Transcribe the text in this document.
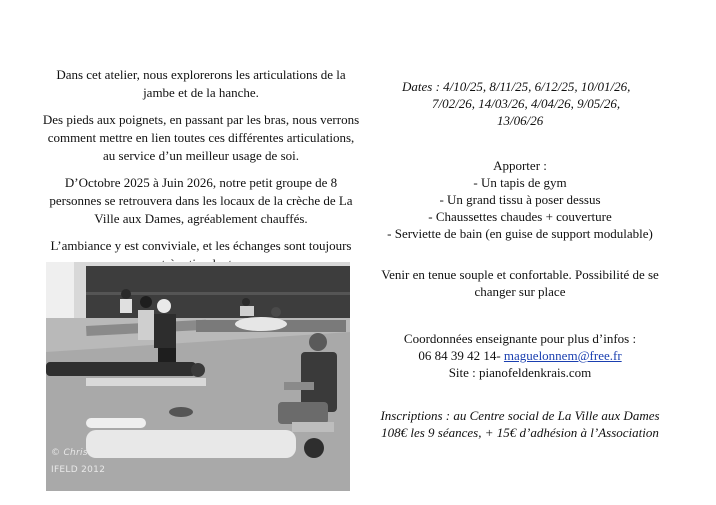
Dans cet atelier, nous explorerons les articulations de la jambe et de la hanche.

Des pieds aux poignets, en passant par les bras, nous verrons comment mettre en lien toutes ces différentes articulations, au service d’un meilleur usage de soi.

D’Octobre 2025 à Juin 2026, notre petit groupe de 8 personnes se retrouvera dans les locaux de la crèche de La Ville aux Dames, agréablement chauffés.

L’ambiance y est conviviale, et les échanges sont toujours

© Christine Barrat
IFELD 2012
Dates : 4/10/25, 8/11/25, 6/12/25, 10/01/26,
7/02/26, 14/03/26, 4/04/26, 9/05/26,
13/06/26
Apporter :
- Un tapis de gym
- Un grand tissu à poser dessus
- Chaussettes chaudes + couverture
- Serviette de bain (en guise de support modulable)
Venir en tenue souple et confortable. Possibilité de se changer sur place
Coordonnées enseignante pour plus d’infos :
06 84 39 42 14- maguelonnem@free.fr
Site : pianofeldenkrais.com
Inscriptions : au Centre social de La Ville aux Dames
108€ les 9 séances, + 15€ d’adhésion à l’Association
